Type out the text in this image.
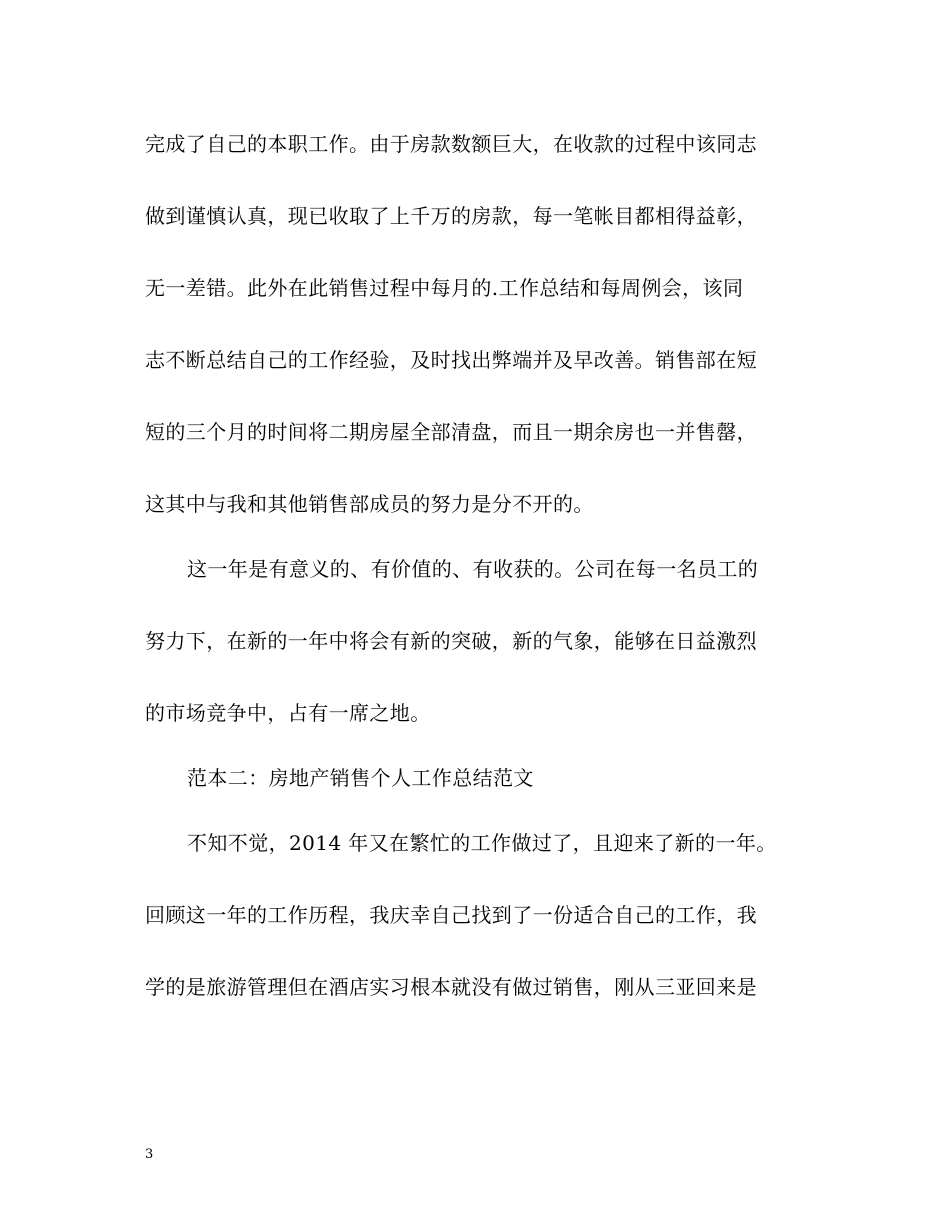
完成了自己的本职工作。由于房款数额巨大，在收款的过程中该同志
做到谨慎认真，现已收取了上千万的房款，每一笔帐目都相得益彰，
无一差错。此外在此销售过程中每月的.工作总结和每周例会，该同
志不断总结自己的工作经验，及时找出弊端并及早改善。销售部在短
短的三个月的时间将二期房屋全部清盘，而且一期余房也一并售罄，
这其中与我和其他销售部成员的努力是分不开的。
这一年是有意义的、有价值的、有收获的。公司在每一名员工的
努力下，在新的一年中将会有新的突破，新的气象，能够在日益激烈
的市场竞争中，占有一席之地。
范本二：房地产销售个人工作总结范文
不知不觉，2014 年又在繁忙的工作做过了，且迎来了新的一年。
回顾这一年的工作历程，我庆幸自己找到了一份适合自己的工作，我
学的是旅游管理但在酒店实习根本就没有做过销售，刚从三亚回来是
3
